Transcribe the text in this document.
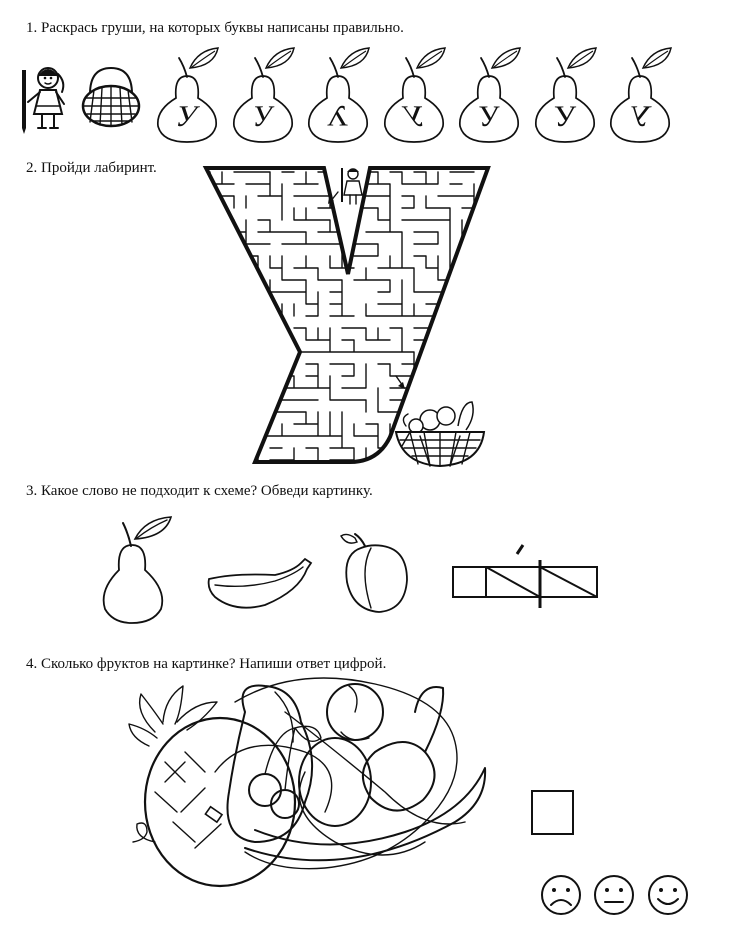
1. Раскрась груши, на которых буквы написаны правильно.
У У У У У У У
2. Пройди лабиринт.
3. Какое слово не подходит к схеме? Обведи картинку.
4. Сколько фруктов на картинке? Напиши ответ цифрой.
